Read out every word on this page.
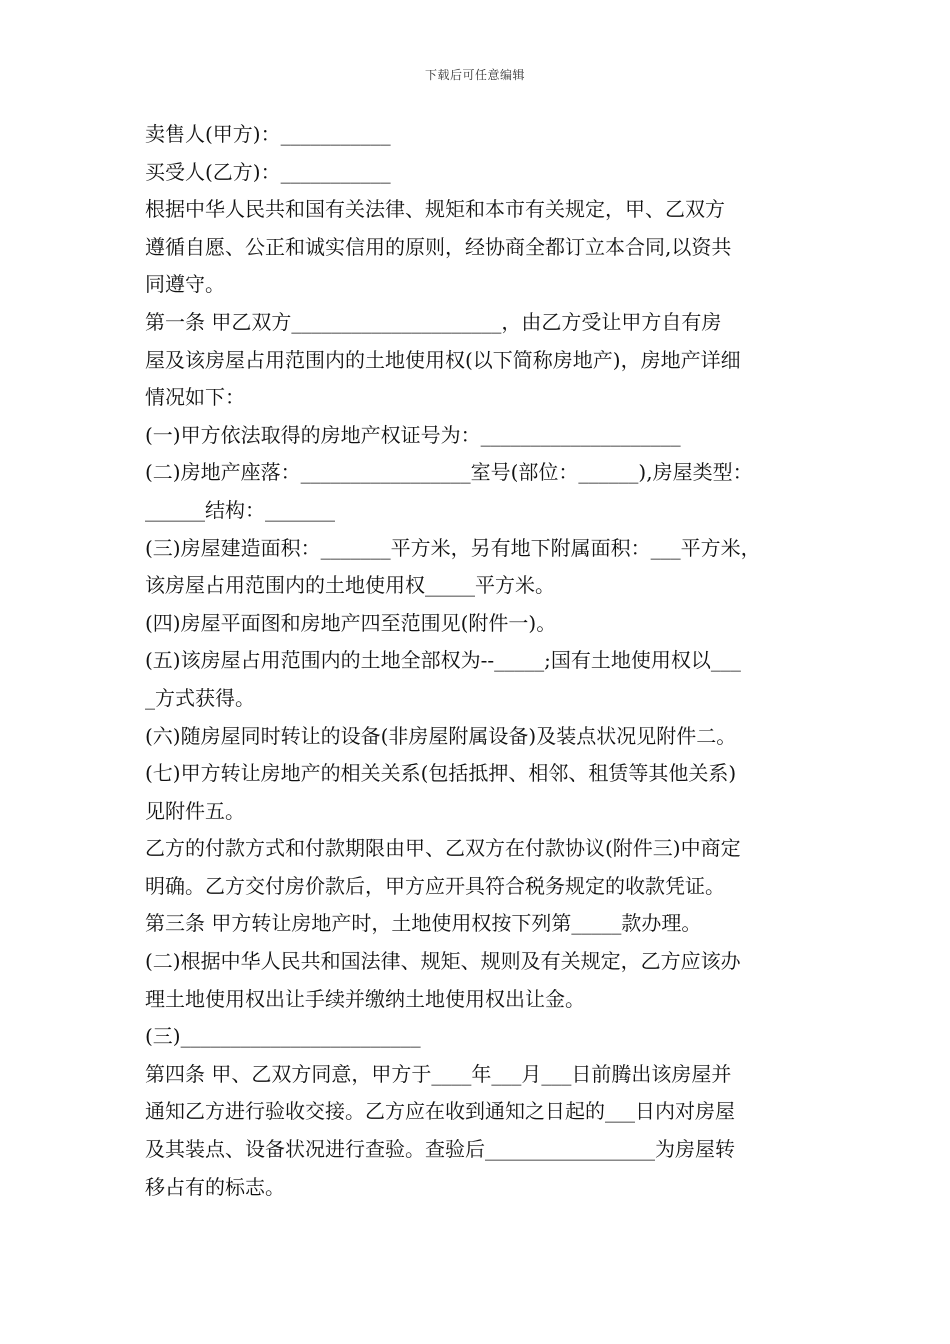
下载后可任意编辑
卖售人(甲方)：___________
买受人(乙方)：___________
根据中华人民共和国有关法律、规矩和本市有关规定，甲、乙双方
遵循自愿、公正和诚实信用的原则，经协商全都订立本合同,以资共
同遵守。
第一条 甲乙双方_____________________，由乙方受让甲方自有房
屋及该房屋占用范围内的土地使用权(以下简称房地产)，房地产详细
情况如下：
(一)甲方依法取得的房地产权证号为：____________________
(二)房地产座落：_________________室号(部位：______),房屋类型：
______结构：_______
(三)房屋建造面积：_______平方米，另有地下附属面积：___平方米，
该房屋占用范围内的土地使用权_____平方米。
(四)房屋平面图和房地产四至范围见(附件一)。
(五)该房屋占用范围内的土地全部权为--_____;国有土地使用权以___
_方式获得。
(六)随房屋同时转让的设备(非房屋附属设备)及装点状况见附件二。
(七)甲方转让房地产的相关关系(包括抵押、相邻、租赁等其他关系)
见附件五。
乙方的付款方式和付款期限由甲、乙双方在付款协议(附件三)中商定
明确。乙方交付房价款后，甲方应开具符合税务规定的收款凭证。
第三条 甲方转让房地产时，土地使用权按下列第_____款办理。
(二)根据中华人民共和国法律、规矩、规则及有关规定，乙方应该办
理土地使用权出让手续并缴纳土地使用权出让金。
(三)________________________
第四条 甲、乙双方同意，甲方于____年___月___日前腾出该房屋并
通知乙方进行验收交接。乙方应在收到通知之日起的___日内对房屋
及其装点、设备状况进行查验。查验后_________________为房屋转
移占有的标志。
